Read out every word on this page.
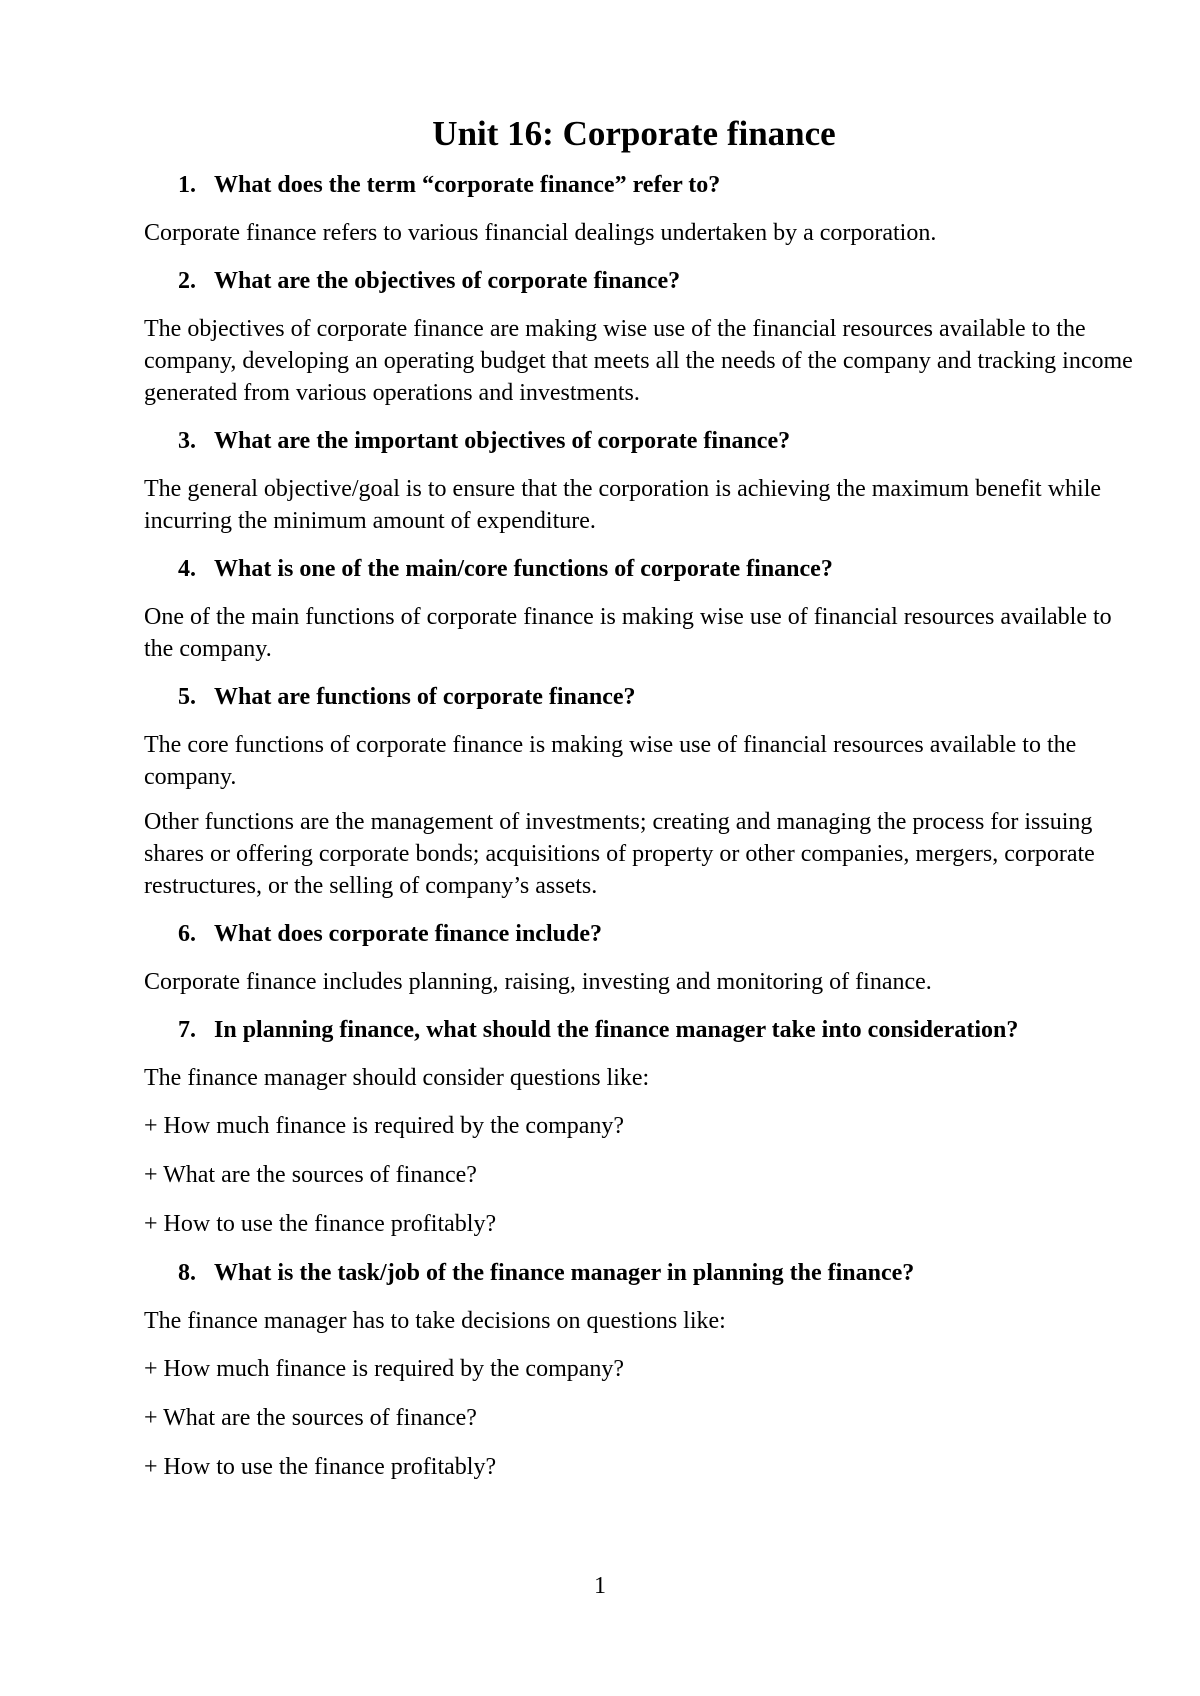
Unit 16: Corporate finance
1. What does the term “corporate finance” refer to?

Corporate finance refers to various financial dealings undertaken by a corporation.

2. What are the objectives of corporate finance?

The objectives of corporate finance are making wise use of the financial resources available to the company, developing an operating budget that meets all the needs of the company and tracking income generated from various operations and investments.

3. What are the important objectives of corporate finance?

The general objective/goal is to ensure that the corporation is achieving the maximum benefit while incurring the minimum amount of expenditure.

4. What is one of the main/core functions of corporate finance?

One of the main functions of corporate finance is making wise use of financial resources available to the company.

5. What are functions of corporate finance?

The core functions of corporate finance is making wise use of financial resources available to the company.

Other functions are the management of investments; creating and managing the process for issuing shares or offering corporate bonds; acquisitions of property or other companies, mergers, corporate restructures, or the selling of company’s assets.

6. What does corporate finance include?

Corporate finance includes planning, raising, investing and monitoring of finance.

7. In planning finance, what should the finance manager take into consideration?

The finance manager should consider questions like:

+ How much finance is required by the company?

+ What are the sources of finance?

+ How to use the finance profitably?

8. What is the task/job of the finance manager in planning the finance?

The finance manager has to take decisions on questions like:

+ How much finance is required by the company?

+ What are the sources of finance?

+ How to use the finance profitably?

1
